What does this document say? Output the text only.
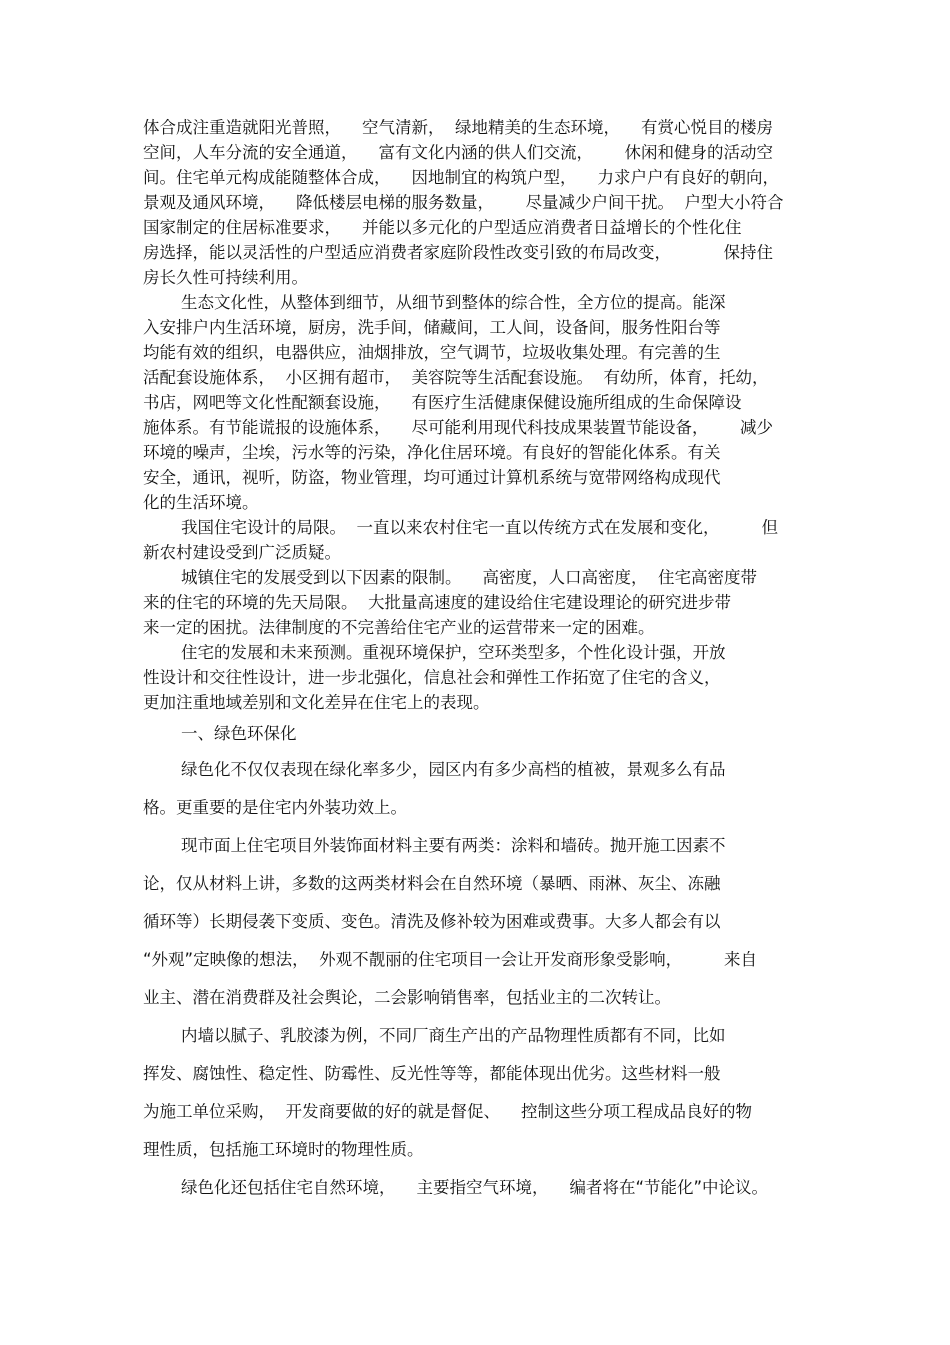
体合成注重造就阳光普照，    空气清新，  绿地精美的生态环境，    有赏心悦目的楼房
空间，人车分流的安全通道，    富有文化内涵的供人们交流，      休闲和健身的活动空
间。住宅单元构成能随整体合成，    因地制宜的构筑户型，    力求户户有良好的朝向，
景观及通风环境，    降低楼层电梯的服务数量，      尽量减少户间干扰。  户型大小符合
国家制定的住居标准要求，    并能以多元化的户型适应消费者日益增长的个性化住
房选择，能以灵活性的户型适应消费者家庭阶段性改变引致的布局改变，          保持住
房长久性可持续利用。
生态文化性，从整体到细节，从细节到整体的综合性，全方位的提高。能深
入安排户内生活环境，厨房，洗手间，储藏间，工人间，设备间，服务性阳台等
均能有效的组织，电器供应，油烟排放，空气调节，垃圾收集处理。有完善的生
活配套设施体系，  小区拥有超市，  美容院等生活配套设施。  有幼所，体育，托幼，
书店，网吧等文化性配额套设施，    有医疗生活健康保健设施所组成的生命保障设
施体系。有节能谎报的设施体系，    尽可能利用现代科技成果装置节能设备，      减少
环境的噪声，尘埃，污水等的污染，净化住居环境。有良好的智能化体系。有关
安全，通讯，视听，防盗，物业管理，均可通过计算机系统与宽带网络构成现代
化的生活环境。
我国住宅设计的局限。  一直以来农村住宅一直以传统方式在发展和变化，        但
新农村建设受到广泛质疑。
城镇住宅的发展受到以下因素的限制。    高密度，人口高密度，  住宅高密度带
来的住宅的环境的先天局限。  大批量高速度的建设给住宅建设理论的研究进步带
来一定的困扰。法律制度的不完善给住宅产业的运营带来一定的困难。
住宅的发展和未来预测。重视环境保护，空环类型多，个性化设计强，开放
性设计和交往性设计，进一步北强化，信息社会和弹性工作拓宽了住宅的含义，
更加注重地域差别和文化差异在住宅上的表现。
一、绿色环保化
绿色化不仅仅表现在绿化率多少，园区内有多少高档的植被，景观多么有品
格。更重要的是住宅内外装功效上。
现市面上住宅项目外装饰面材料主要有两类：涂料和墙砖。抛开施工因素不
论，仅从材料上讲，多数的这两类材料会在自然环境（暴晒、雨淋、灰尘、冻融
循环等）长期侵袭下变质、变色。清洗及修补较为困难或费事。大多人都会有以
“外观”定映像的想法，  外观不靓丽的住宅项目一会让开发商形象受影响，        来自
业主、潜在消费群及社会舆论，二会影响销售率，包括业主的二次转让。
内墙以腻子、乳胶漆为例，不同厂商生产出的产品物理性质都有不同，比如
挥发、腐蚀性、稳定性、防霉性、反光性等等，都能体现出优劣。这些材料一般
为施工单位采购，  开发商要做的好的就是督促、    控制这些分项工程成品良好的物
理性质，包括施工环境时的物理性质。
绿色化还包括住宅自然环境，    主要指空气环境，    编者将在“节能化”中论议。
